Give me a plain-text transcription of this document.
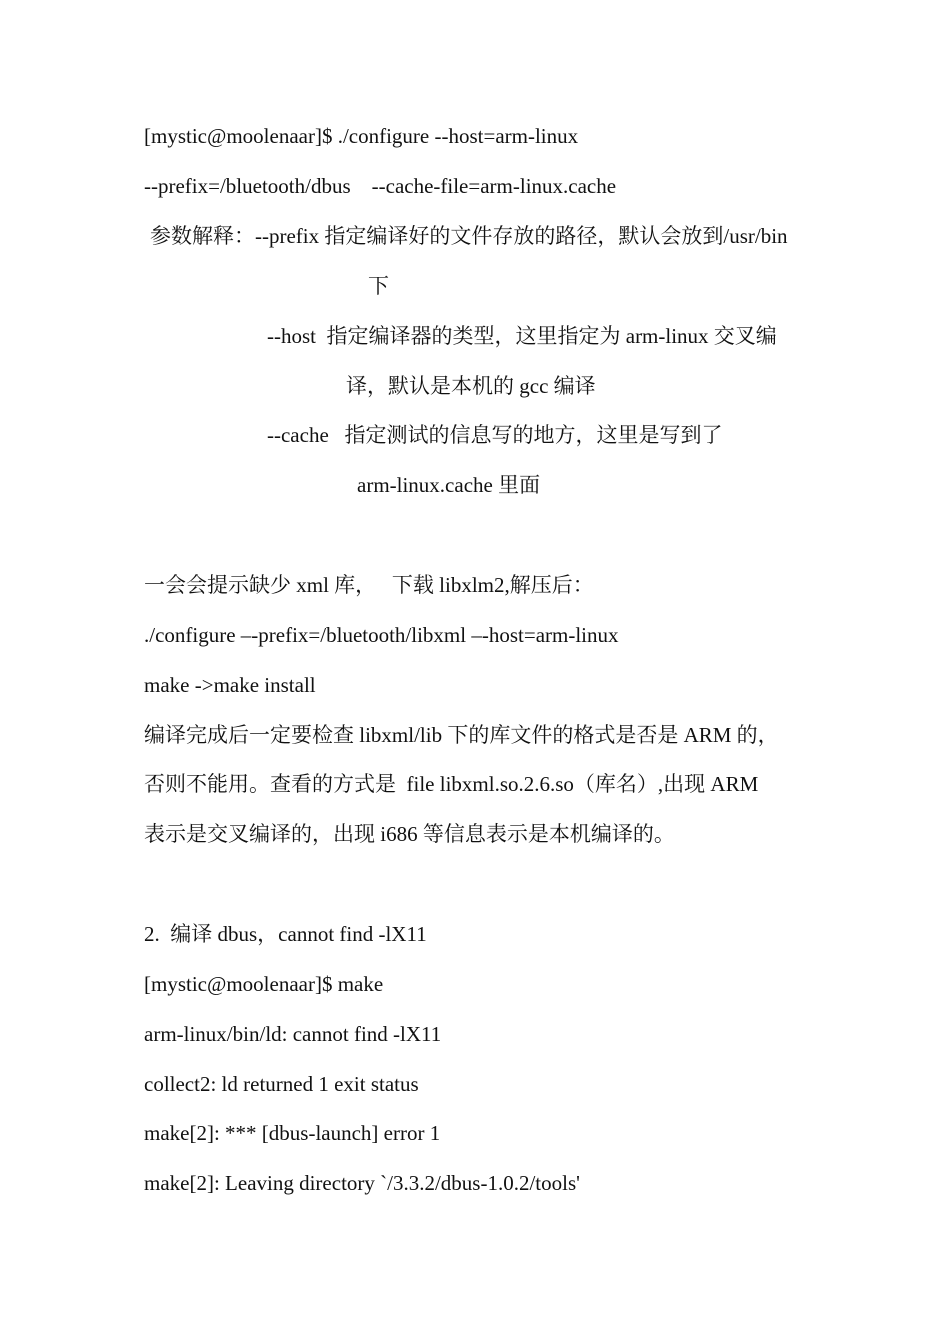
[mystic@moolenaar]$ ./configure --host=arm-linux
--prefix=/bluetooth/dbus    --cache-file=arm-linux.cache
参数解释：--prefix 指定编译好的文件存放的路径，默认会放到/usr/bin
下
--host  指定编译器的类型，这里指定为 arm-linux 交叉编
译，默认是本机的 gcc 编译
--cache   指定测试的信息写的地方，这里是写到了
arm-linux.cache 里面
一会会提示缺少 xml 库，   下载 libxlm2,解压后：
./configure –-prefix=/bluetooth/libxml –-host=arm-linux
make ->make install
编译完成后一定要检查 libxml/lib 下的库文件的格式是否是 ARM 的，
否则不能用。查看的方式是  file libxml.so.2.6.so（库名）,出现 ARM
表示是交叉编译的，出现 i686 等信息表示是本机编译的。
2.  编译 dbus，cannot find -lX11
[mystic@moolenaar]$ make
arm-linux/bin/ld: cannot find -lX11
collect2: ld returned 1 exit status
make[2]: *** [dbus-launch] error 1
make[2]: Leaving directory `/3.3.2/dbus-1.0.2/tools'
